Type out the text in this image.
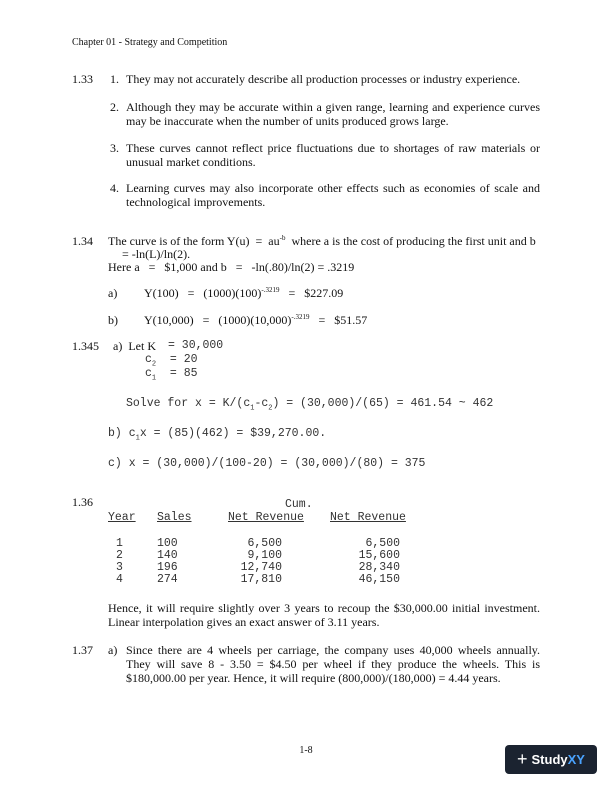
Chapter 01 - Strategy and Competition
1.33 1. They may not accurately describe all production processes or industry experience.
2. Although they may be accurate within a given range, learning and experience curves may be inaccurate when the number of units produced grows large.
3. These curves cannot reflect price fluctuations due to shortages of raw materials or unusual market conditions.
4. Learning curves may also incorporate other effects such as economies of scale and technological improvements.
1.34 The curve is of the form $Y(u) = au^{-b}$  where a is the cost of producing the first unit and b
= -ln(L)/ln(2).
Here a   =   $1,000 and b   =   -ln(.80)/ln(2) = .3219
a) $Y(100) = (1000)(100)^{-.3219}$   =   $227.09
b) $Y(10,000) = (1000)(10,000)^{-.3219}$   =   $51.57
1.345 a)  Let K = 30,000
$c_2 = 20$
$c_1 = 85$
Solve for $x = K/(c_1-c_2) = (30,000)/(65) = 461.54$ ~ 462
b) $c_1x = (85)(462)$ = $39,270.00.
c) x = (30,000)/(100-20) = (30,000)/(80) = 375
1.36	Cum.
Year Sales	Net Revenue Net Revenue
1	100	6,500	6,500
2	140	9,100	15,600
3	196	12,740	28,340
4	274	17,810	46,150
Hence, it will require slightly over 3 years to recoup the $30,000.00 initial investment. Linear interpolation gives an exact answer of 3.11 years.
1.37 a) Since there are 4 wheels per carriage, the company uses 40,000 wheels annually. They will save 8 - 3.50 = $4.50 per wheel if they produce the wheels. This is $180,000.00 per year. Hence, it will require (800,000)/(180,000) = 4.44 years.
1-8	+ Study XY
